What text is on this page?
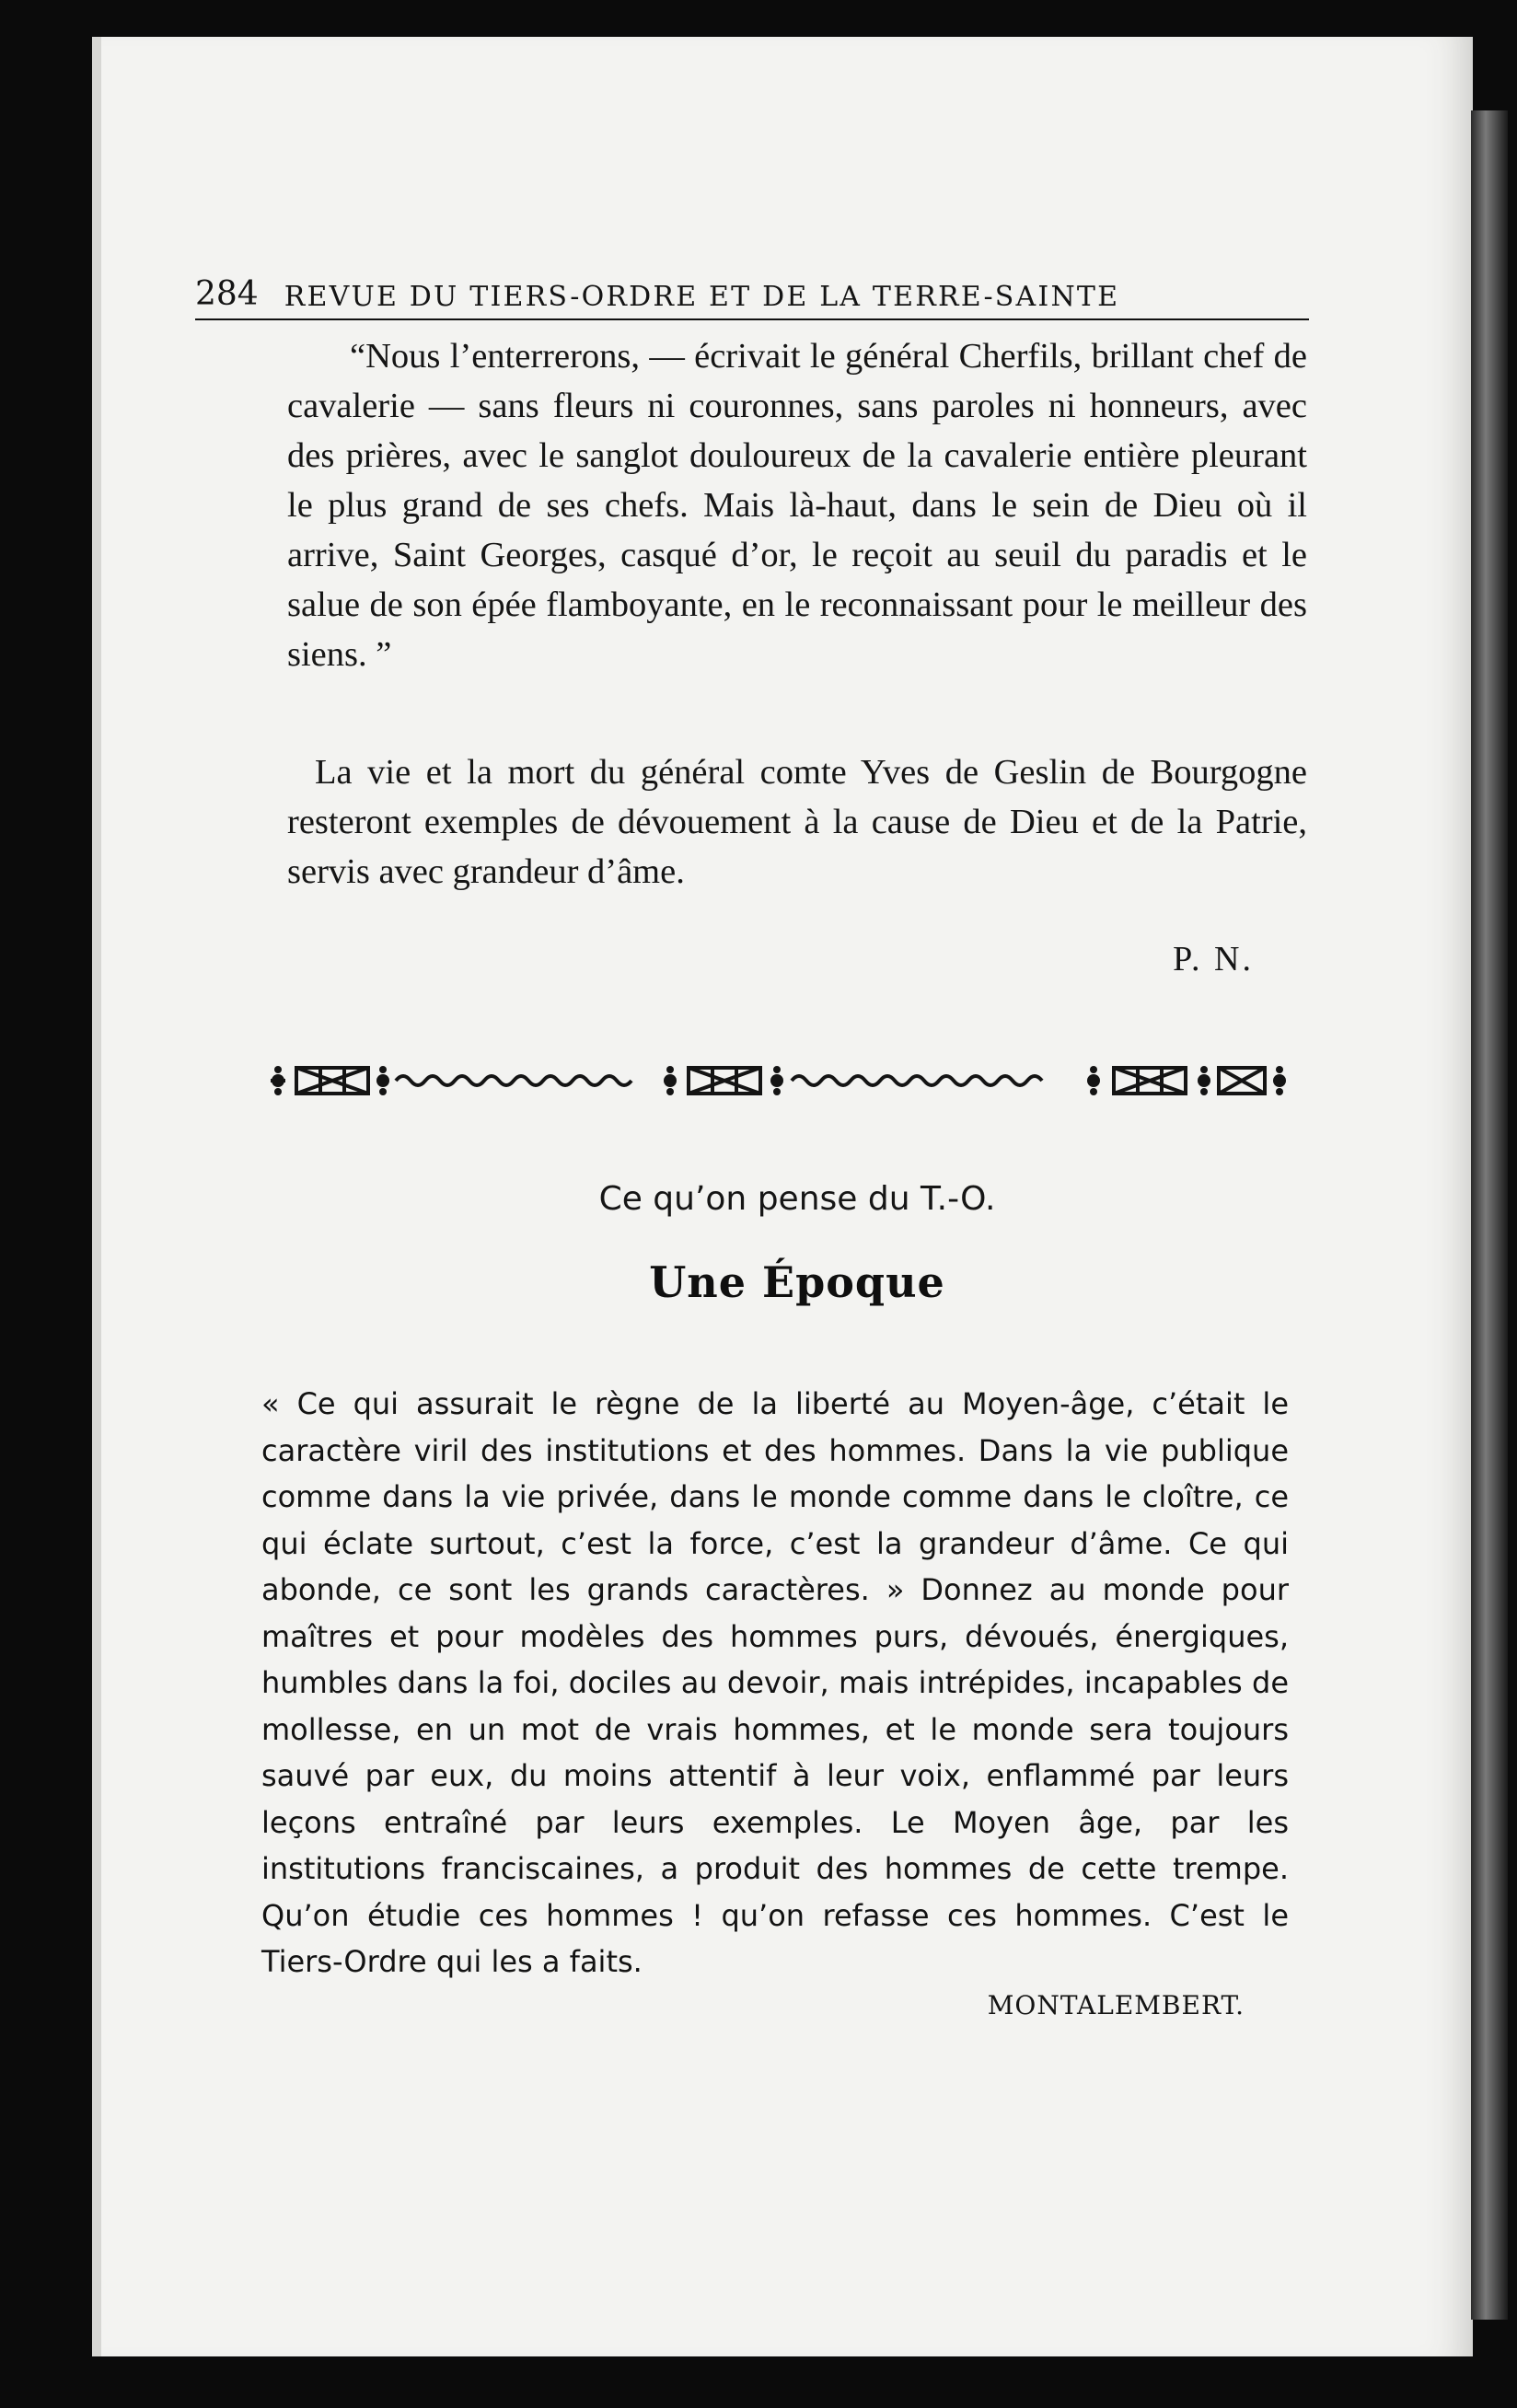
284 REVUE DU TIERS-ORDRE ET DE LA TERRE-SAINTE

“Nous l’enterrerons, — écrivait le général Cherfils, brillant chef de cavalerie — sans fleurs ni couronnes, sans paroles ni honneurs, avec des prières, avec le sanglot douloureux de la cavalerie entière pleurant le plus grand de ses chefs. Mais là-haut, dans le sein de Dieu où il arrive, Saint Georges, casqué d’or, le reçoit au seuil du paradis et le salue de son épée flamboyante, en le reconnaissant pour le meilleur des siens. ”

La vie et la mort du général comte Yves de Geslin de Bourgogne resteront exemples de dévouement à la cause de Dieu et de la Patrie, servis avec grandeur d’âme.

P. N.
Ce qu’on pense du T.-O.
Une Époque

« Ce qui assurait le règne de la liberté au Moyen-âge, c’était le caractère viril des institutions et des hommes. Dans la vie publique comme dans la vie privée, dans le monde comme dans le cloître, ce qui éclate surtout, c’est la force, c’est la grandeur d’âme. Ce qui abonde, ce sont les grands caractères. » Donnez au monde pour maîtres et pour modèles des hommes purs, dévoués, énergiques, humbles dans la foi, dociles au devoir, mais intrépides, incapables de mollesse, en un mot de vrais hommes, et le monde sera toujours sauvé par eux, du moins attentif à leur voix, enflammé par leurs leçons entraîné par leurs exemples. Le Moyen âge, par les institutions franciscaines, a produit des hommes de cette trempe. Qu’on étudie ces hommes ! qu’on refasse ces hommes. C’est le Tiers-Ordre qui les a faits.

MONTALEMBERT.
